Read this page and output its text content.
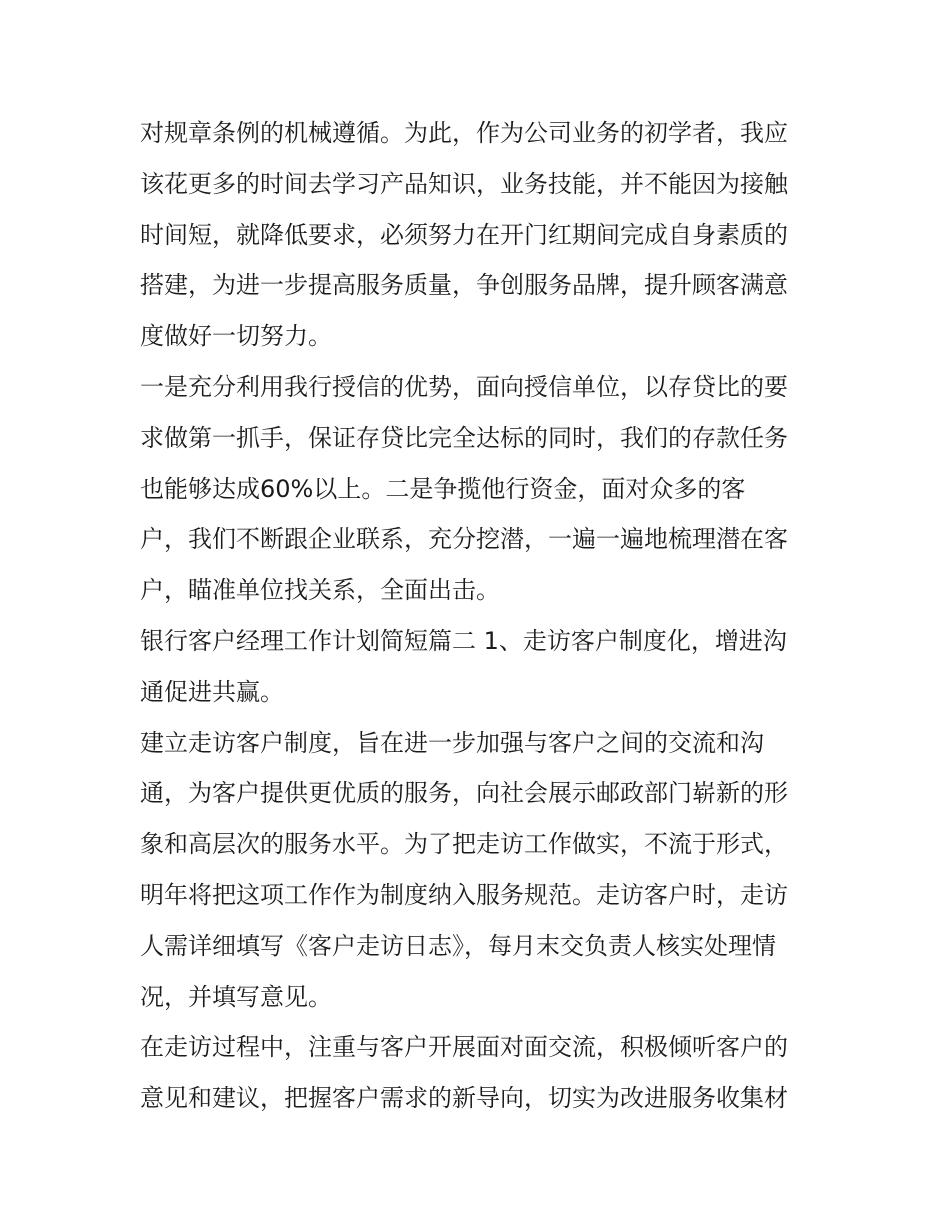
对规章条例的机械遵循。为此，作为公司业务的初学者，我应
该花更多的时间去学习产品知识，业务技能，并不能因为接触
时间短，就降低要求，必须努力在开门红期间完成自身素质的
搭建，为进一步提高服务质量，争创服务品牌，提升顾客满意
度做好一切努力。
一是充分利用我行授信的优势，面向授信单位，以存贷比的要
求做第一抓手，保证存贷比完全达标的同时，我们的存款任务
也能够达成60%以上。二是争揽他行资金，面对众多的客
户，我们不断跟企业联系，充分挖潜，一遍一遍地梳理潜在客
户，瞄准单位找关系，全面出击。
银行客户经理工作计划简短篇二 1、走访客户制度化，增进沟
通促进共赢。
建立走访客户制度，旨在进一步加强与客户之间的交流和沟
通，为客户提供更优质的服务，向社会展示邮政部门崭新的形
象和高层次的服务水平。为了把走访工作做实，不流于形式，
明年将把这项工作作为制度纳入服务规范。走访客户时，走访
人需详细填写《客户走访日志》，每月末交负责人核实处理情
况，并填写意见。
在走访过程中，注重与客户开展面对面交流，积极倾听客户的
意见和建议，把握客户需求的新导向，切实为改进服务收集材
